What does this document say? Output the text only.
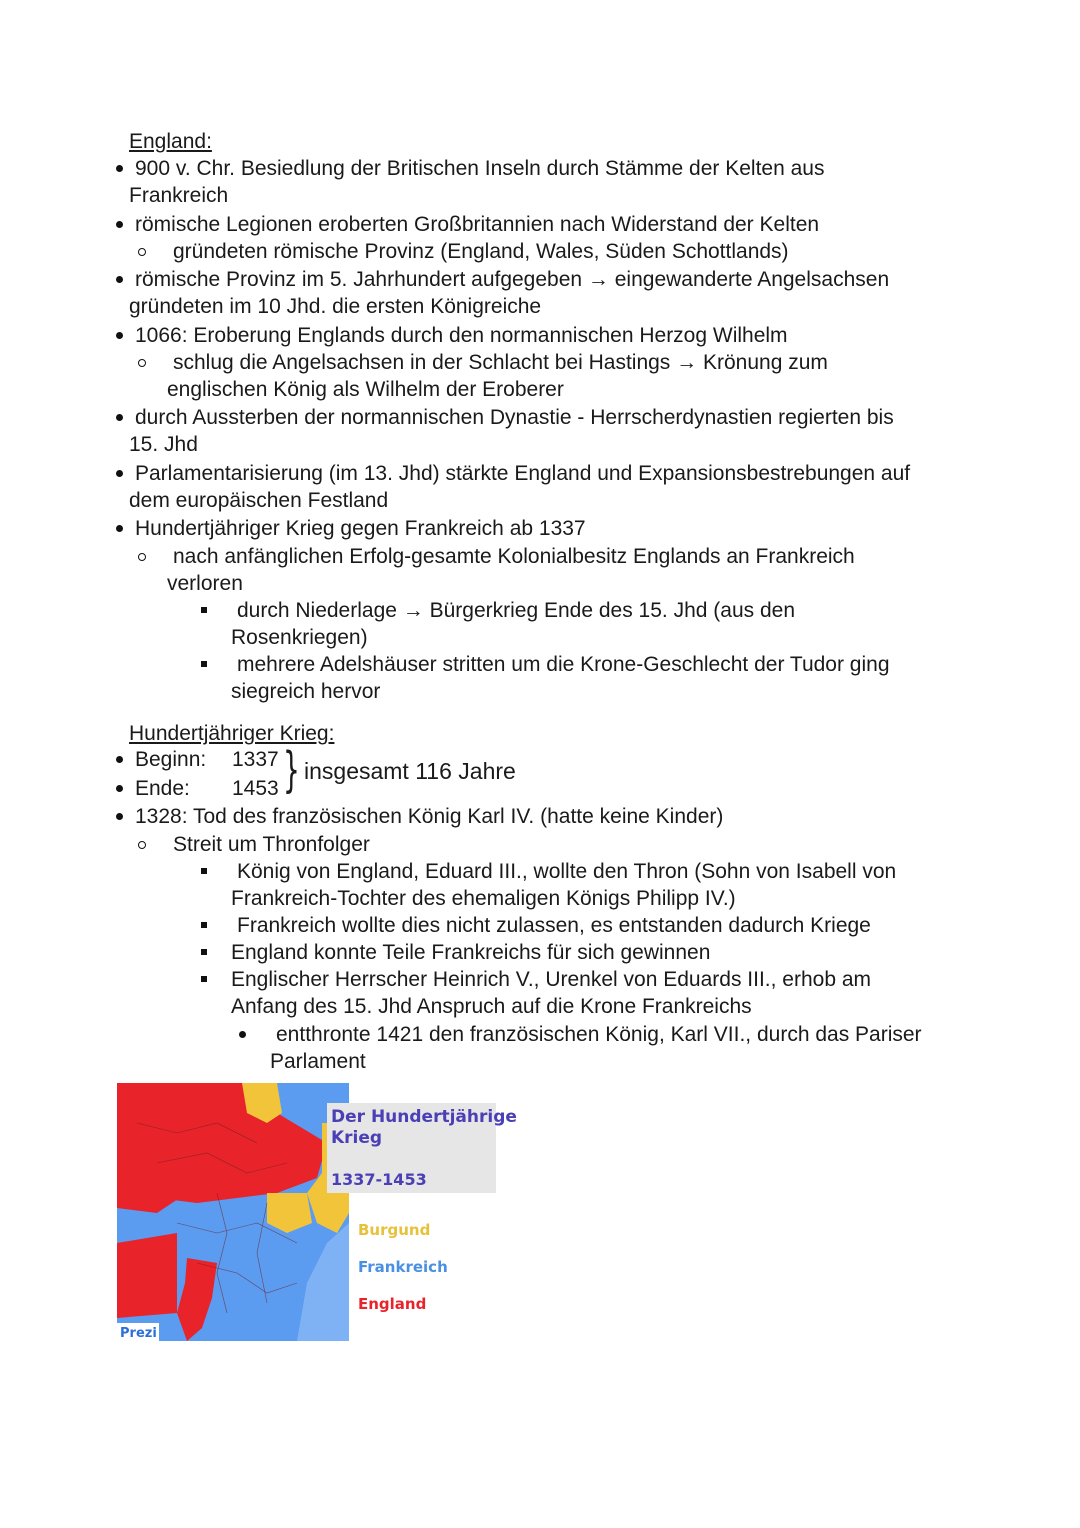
England:
900 v. Chr. Besiedlung der Britischen Inseln durch Stämme der Kelten aus
Frankreich
römische Legionen eroberten Großbritannien nach Widerstand der Kelten
gründeten römische Provinz (England, Wales, Süden Schottlands)
römische Provinz im 5. Jahrhundert aufgegeben → eingewanderte Angelsachsen
gründeten im 10 Jhd. die ersten Königreiche
1066: Eroberung Englands durch den normannischen Herzog Wilhelm
schlug die Angelsachsen in der Schlacht bei Hastings → Krönung zum
englischen König als Wilhelm der Eroberer
durch Aussterben der normannischen Dynastie - Herrscherdynastien regierten bis
15. Jhd
Parlamentarisierung (im 13. Jhd) stärkte England und Expansionsbestrebungen auf
dem europäischen Festland
Hundertjähriger Krieg gegen Frankreich ab 1337
nach anfänglichen Erfolg-gesamte Kolonialbesitz Englands an Frankreich
verloren
durch Niederlage → Bürgerkrieg Ende des 15. Jhd (aus den
Rosenkriegen)
mehrere Adelshäuser stritten um die Krone-Geschlecht der Tudor ging
siegreich hervor
Hundertjähriger Krieg:
Beginn: 1337
Ende: 1453 } insgesamt 116 Jahre
1328: Tod des französischen König Karl IV. (hatte keine Kinder)
Streit um Thronfolger
König von England, Eduard III., wollte den Thron (Sohn von Isabell von
Frankreich-Tochter des ehemaligen Königs Philipp IV.)
Frankreich wollte dies nicht zulassen, es entstanden dadurch Kriege
England konnte Teile Frankreichs für sich gewinnen
Englischer Herrscher Heinrich V., Urenkel von Eduards III., erhob am
Anfang des 15. Jhd Anspruch auf die Krone Frankreichs
entthronte 1421 den französischen König, Karl VII., durch das Pariser
Parlament
Prezi
Der Hundertjährige
Krieg
1337-1453
Burgund
Frankreich
England
